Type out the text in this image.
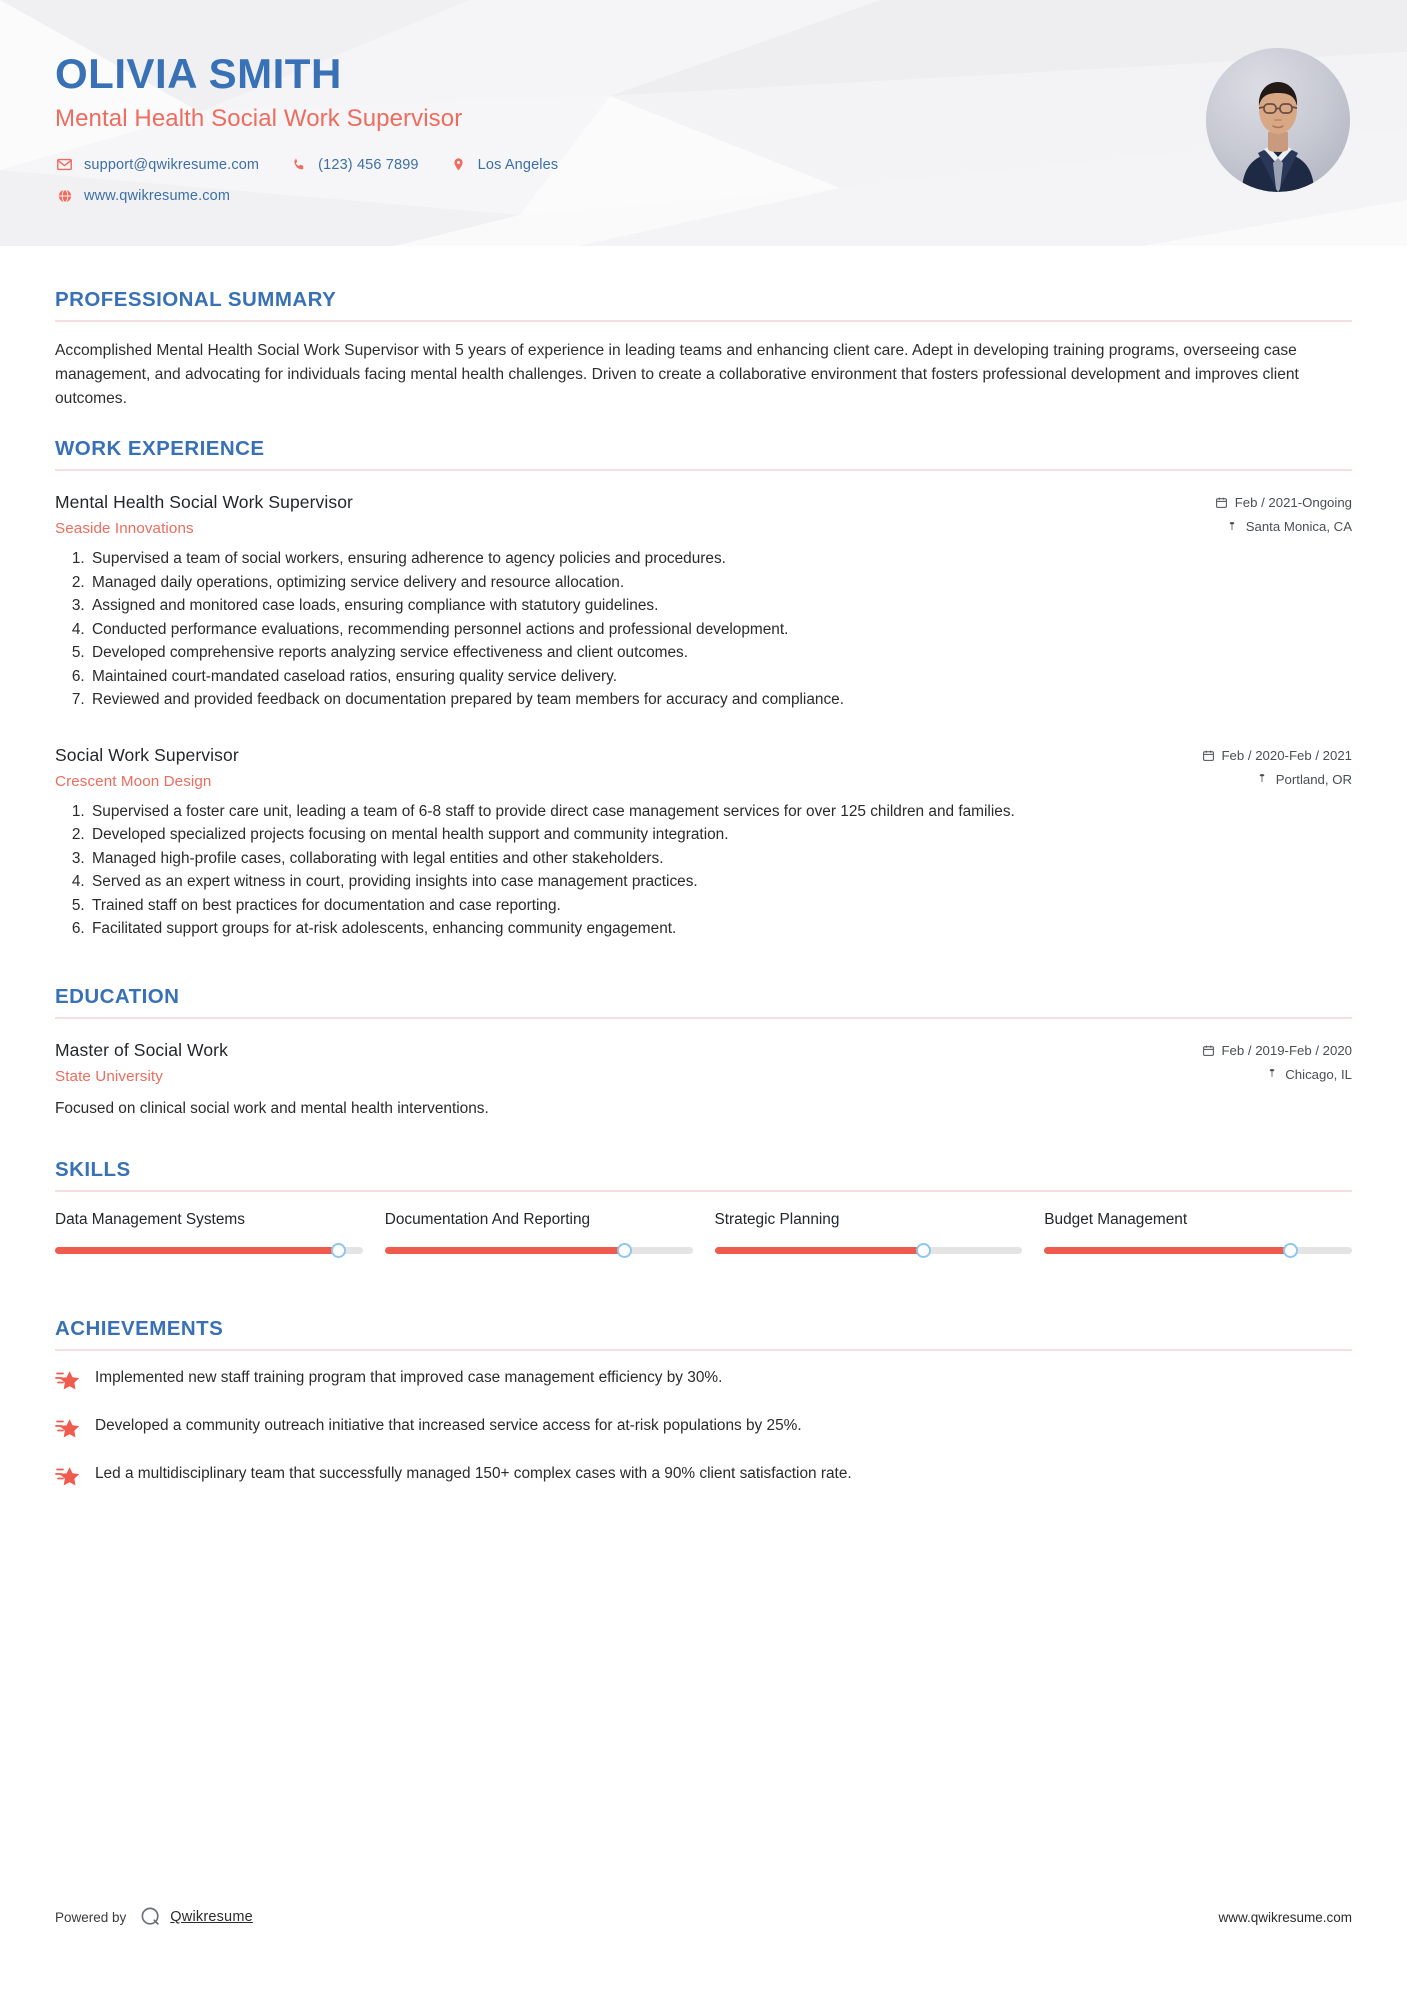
OLIVIA SMITH
Mental Health Social Work Supervisor
support@qwikresume.com	(123) 456 7899	Los Angeles
www.qwikresume.com
PROFESSIONAL SUMMARY
Accomplished Mental Health Social Work Supervisor with 5 years of experience in leading teams and enhancing client care. Adept in developing training programs, overseeing case management, and advocating for individuals facing mental health challenges. Driven to create a collaborative environment that fosters professional development and improves client outcomes.
WORK EXPERIENCE
Mental Health Social Work Supervisor
Seaside Innovations
Feb / 2021-Ongoing
Santa Monica, CA
1. Supervised a team of social workers, ensuring adherence to agency policies and procedures.
2. Managed daily operations, optimizing service delivery and resource allocation.
3. Assigned and monitored case loads, ensuring compliance with statutory guidelines.
4. Conducted performance evaluations, recommending personnel actions and professional development.
5. Developed comprehensive reports analyzing service effectiveness and client outcomes.
6. Maintained court-mandated caseload ratios, ensuring quality service delivery.
7. Reviewed and provided feedback on documentation prepared by team members for accuracy and compliance.
Social Work Supervisor
Crescent Moon Design
Feb / 2020-Feb / 2021
Portland, OR
1. Supervised a foster care unit, leading a team of 6-8 staff to provide direct case management services for over 125 children and families.
2. Developed specialized projects focusing on mental health support and community integration.
3. Managed high-profile cases, collaborating with legal entities and other stakeholders.
4. Served as an expert witness in court, providing insights into case management practices.
5. Trained staff on best practices for documentation and case reporting.
6. Facilitated support groups for at-risk adolescents, enhancing community engagement.
EDUCATION
Master of Social Work
State University
Feb / 2019-Feb / 2020
Chicago, IL
Focused on clinical social work and mental health interventions.
SKILLS
Data Management Systems	Documentation And Reporting	Strategic Planning	Budget Management
ACHIEVEMENTS
Implemented new staff training program that improved case management efficiency by 30%.
Developed a community outreach initiative that increased service access for at-risk populations by 25%.
Led a multidisciplinary team that successfully managed 150+ complex cases with a 90% client satisfaction rate.
Powered by	Qwikresume	www.qwikresume.com
